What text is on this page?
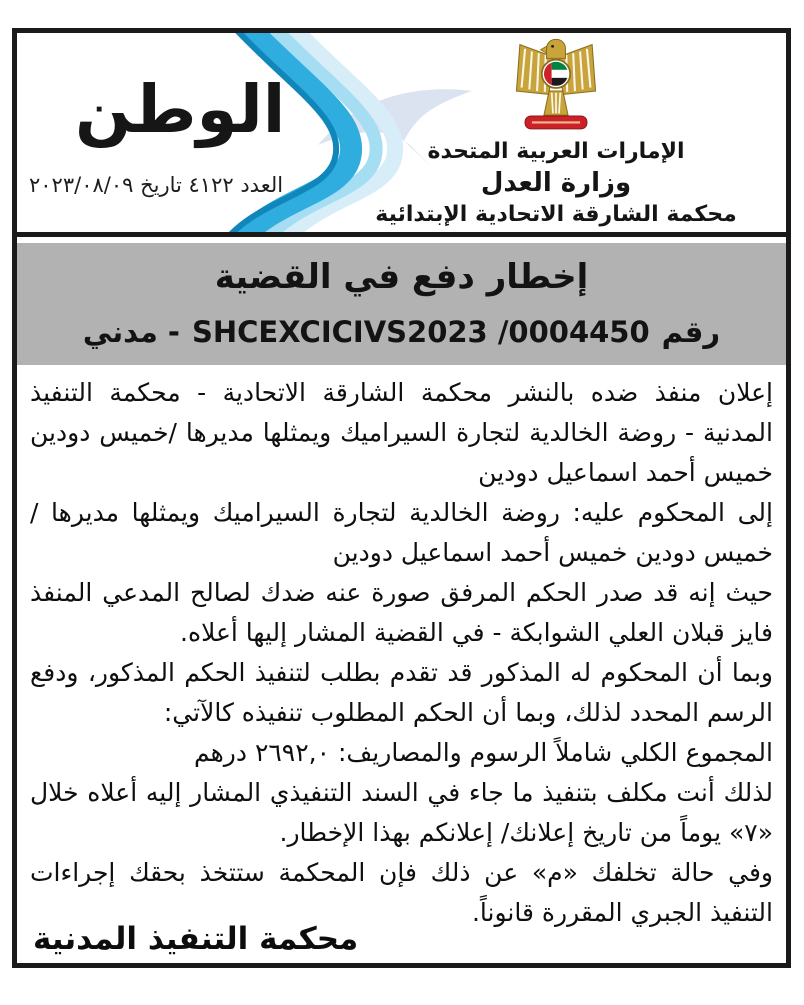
الوطن
العدد ٤١٢٢ تاريخ ٢٠٢٣/٠٨/٠٩
الإمارات العربية المتحدة
وزارة العدل
محكمة الشارقة الاتحادية الإبتدائية
إخطار دفع في القضية
رقم
SHCEXCICIVS2023 /0004450
- مدني
إعلان منفذ ضده بالنشر محكمة الشارقة الاتحادية - محكمة التنفيذ المدنية - روضة الخالدية لتجارة السيراميك ويمثلها مديرها /خميس دودين خميس أحمد اسماعيل دودين
إلى المحكوم عليه: روضة الخالدية لتجارة السيراميك ويمثلها مديرها / خميس دودين خميس أحمد اسماعيل دودين
حيث إنه قد صدر الحكم المرفق صورة عنه ضدك لصالح المدعي المنفذ فايز قبلان العلي الشوابكة - في القضية المشار إليها أعلاه.
وبما أن المحكوم له المذكور قد تقدم بطلب لتنفيذ الحكم المذكور، ودفع الرسم المحدد لذلك، وبما أن الحكم المطلوب تنفيذه كالآتي:
المجموع الكلي شاملاً الرسوم والمصاريف: ٢٦٩٢,٠ درهم
لذلك أنت مكلف بتنفيذ ما جاء في السند التنفيذي المشار إليه أعلاه خلال «٧» يوماً من تاريخ إعلانك/ إعلانكم بهذا الإخطار.
وفي حالة تخلفك «م» عن ذلك فإن المحكمة ستتخذ بحقك إجراءات التنفيذ الجبري المقررة قانوناً.
محكمة التنفيذ المدنية
